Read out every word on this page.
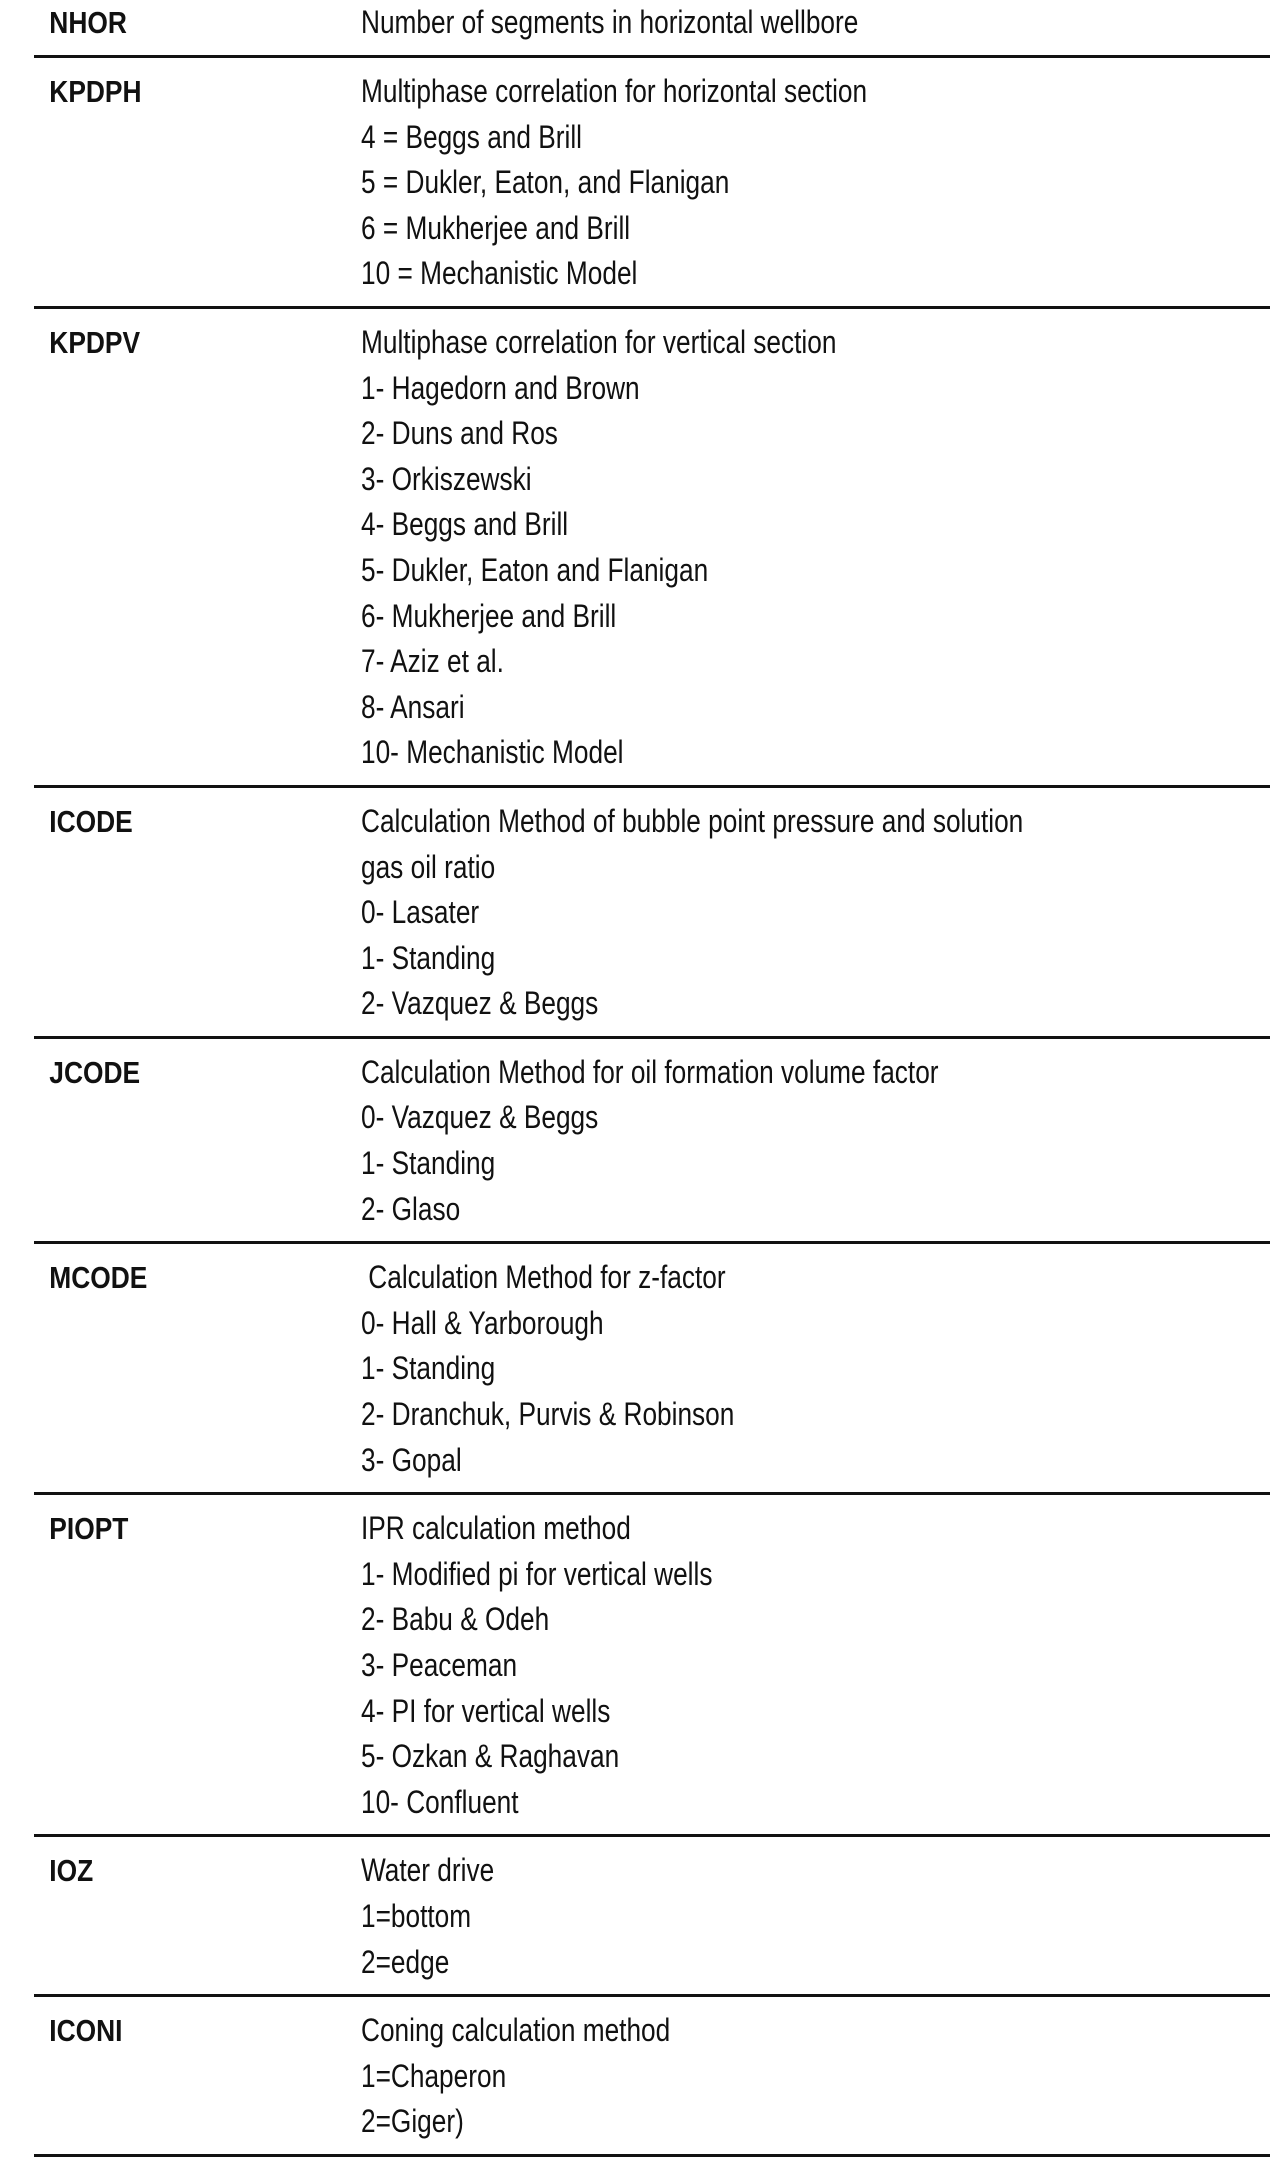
NHOR	Number of segments in horizontal wellbore
KPDPH	Multiphase correlation for horizontal section
4 = Beggs and Brill
5 = Dukler, Eaton, and Flanigan
6 = Mukherjee and Brill
10 = Mechanistic Model
KPDPV	Multiphase correlation for vertical section
1- Hagedorn and Brown
2- Duns and Ros
3- Orkiszewski
4- Beggs and Brill
5- Dukler, Eaton and Flanigan
6- Mukherjee and Brill
7- Aziz et al.
8- Ansari
10- Mechanistic Model
ICODE	Calculation Method of bubble point pressure and solution
gas oil ratio
0- Lasater
1- Standing
2- Vazquez & Beggs
JCODE	Calculation Method for oil formation volume factor
0- Vazquez & Beggs
1- Standing
2- Glaso
MCODE	Calculation Method for z-factor
0- Hall & Yarborough
1- Standing
2- Dranchuk, Purvis & Robinson
3- Gopal
PIOPT	IPR calculation method
1- Modified pi for vertical wells
2- Babu & Odeh
3- Peaceman
4- PI for vertical wells
5- Ozkan & Raghavan
10- Confluent
IOZ	Water drive
1=bottom
2=edge
ICONI	Coning calculation method
1=Chaperon
2=Giger)
